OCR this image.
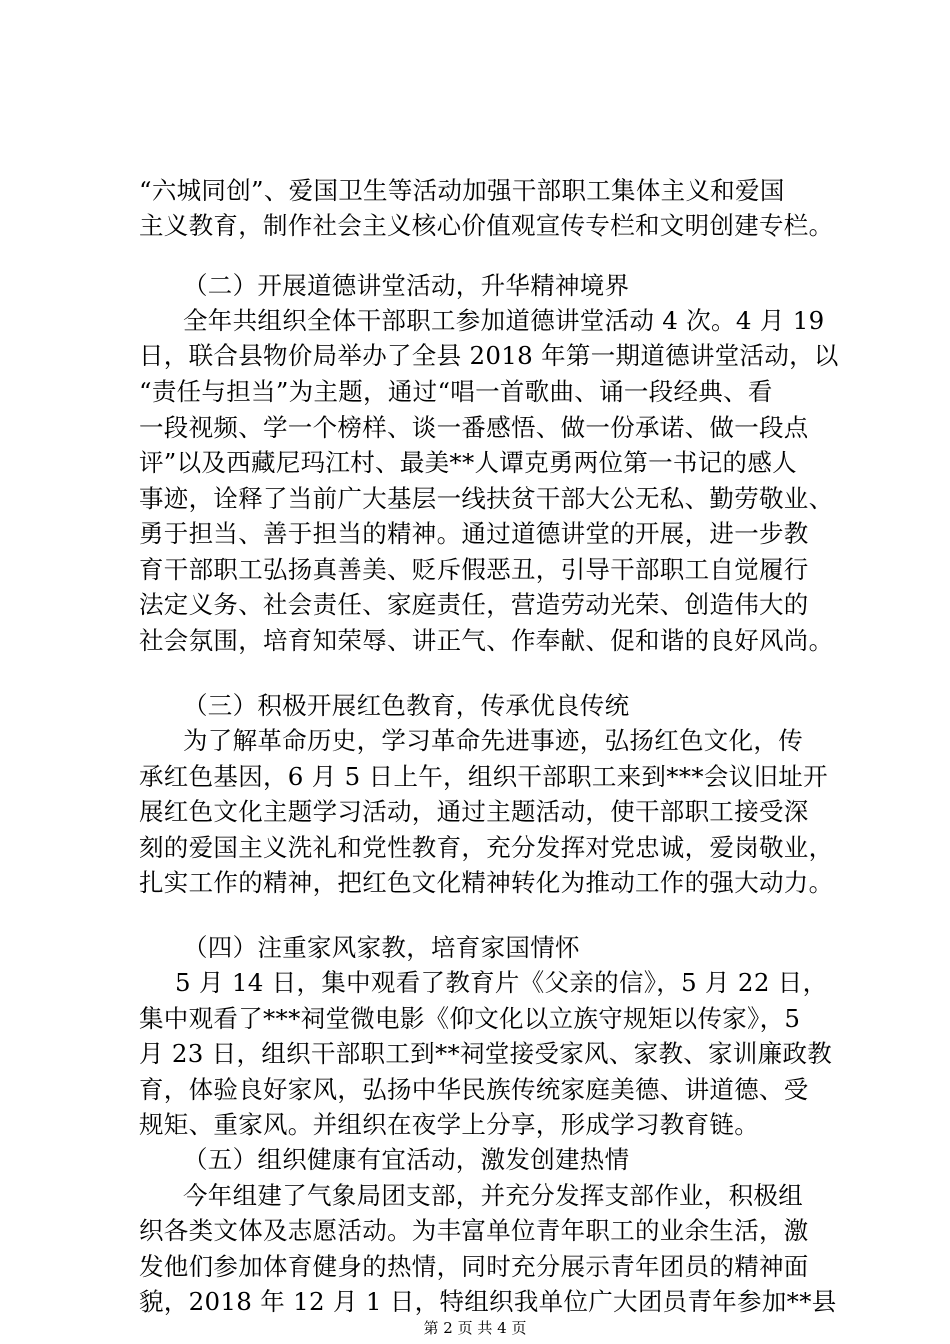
“六城同创”、爱国卫生等活动加强干部职工集体主义和爱国
主义教育，制作社会主义核心价值观宣传专栏和文明创建专栏。
（二）开展道德讲堂活动，升华精神境界
全年共组织全体干部职工参加道德讲堂活动 4 次。4 月 19
日，联合县物价局举办了全县 2018 年第一期道德讲堂活动，以
“责任与担当”为主题，通过“唱一首歌曲、诵一段经典、看
一段视频、学一个榜样、谈一番感悟、做一份承诺、做一段点
评”以及西藏尼玛江村、最美**人谭克勇两位第一书记的感人
事迹，诠释了当前广大基层一线扶贫干部大公无私、勤劳敬业、
勇于担当、善于担当的精神。通过道德讲堂的开展，进一步教
育干部职工弘扬真善美、贬斥假恶丑，引导干部职工自觉履行
法定义务、社会责任、家庭责任，营造劳动光荣、创造伟大的
社会氛围，培育知荣辱、讲正气、作奉献、促和谐的良好风尚。
（三）积极开展红色教育，传承优良传统
为了解革命历史，学习革命先进事迹，弘扬红色文化，传
承红色基因，6 月 5 日上午，组织干部职工来到***会议旧址开
展红色文化主题学习活动，通过主题活动，使干部职工接受深
刻的爱国主义洗礼和党性教育，充分发挥对党忠诚，爱岗敬业，
扎实工作的精神，把红色文化精神转化为推动工作的强大动力。
（四）注重家风家教，培育家国情怀
5 月 14 日，集中观看了教育片《父亲的信》，5 月 22 日，
集中观看了***祠堂微电影《仰文化以立族守规矩以传家》，5
月 23 日，组织干部职工到**祠堂接受家风、家教、家训廉政教
育，体验良好家风，弘扬中华民族传统家庭美德、讲道德、受
规矩、重家风。并组织在夜学上分享，形成学习教育链。
（五）组织健康有宜活动，激发创建热情
今年组建了气象局团支部，并充分发挥支部作业，积极组
织各类文体及志愿活动。为丰富单位青年职工的业余生活，激
发他们参加体育健身的热情，同时充分展示青年团员的精神面
貌，2018 年 12 月 1 日，特组织我单位广大团员青年参加**县
第 2 页 共 4 页
